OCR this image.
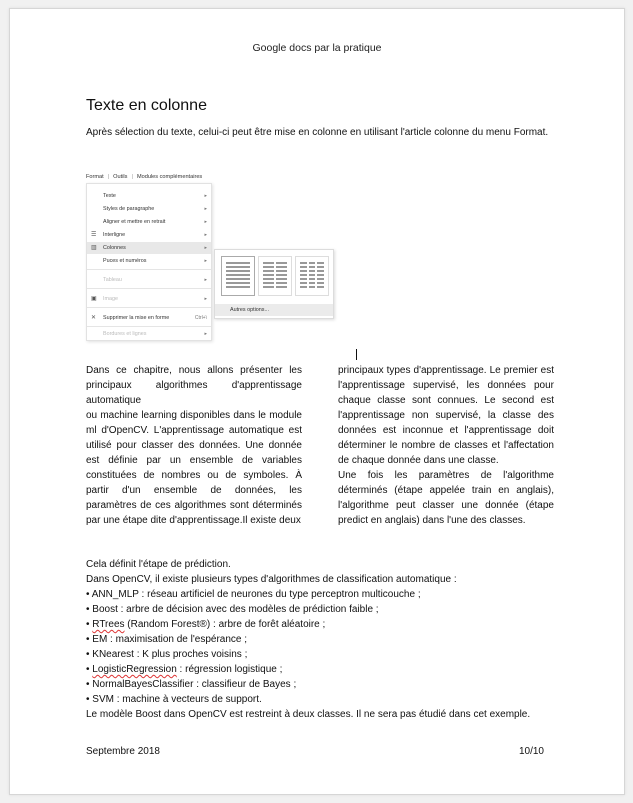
Google docs par la pratique
Texte en colonne
Après sélection du texte, celui-ci peut être mise en colonne en utilisant l'article colonne du menu Format.
Format | Outils | Modules complémentaires
Texte	▸
Styles de paragraphe	▸
Aligner et mettre en retrait	▸
☰ Interligne	▸
▥ Colonnes	▸
Puces et numéros	▸
Tableau	▸
▣ Image	▸
✕ Supprimer la mise en forme	Ctrl+\
Bordures et lignes	▸
Autres options...

Dans ce chapitre, nous allons présenter les principaux algorithmes d'apprentissage automatique

ou machine learning disponibles dans le module ml d'OpenCV. L'apprentissage automatique est utilisé pour classer des données. Une donnée est définie par un ensemble de variables constituées de nombres ou de symboles. À partir d'un ensemble de données, les paramètres de ces algorithmes sont déterminés par une étape dite d'apprentissage.Il existe deux

principaux types d'apprentissage. Le premier est l'apprentissage supervisé, les données pour chaque classe sont connues. Le second est l'apprentissage non supervisé, la classe des données est inconnue et l'apprentissage doit déterminer le nombre de classes et l'affectation de chaque donnée dans une classe.

Une fois les paramètres de l'algorithme déterminés (étape appelée train en anglais), l'algorithme peut classer une donnée (étape predict en anglais) dans l'une des classes.

Cela définit l'étape de prédiction.

Dans OpenCV, il existe plusieurs types d'algorithmes de classification automatique :

• ANN_MLP : réseau artificiel de neurones du type perceptron multicouche ;

• Boost : arbre de décision avec des modèles de prédiction faible ;

• RTrees (Random Forest®) : arbre de forêt aléatoire ;

• EM : maximisation de l'espérance ;

• KNearest : K plus proches voisins ;

• LogisticRegression : régression logistique ;

• NormalBayesClassifier : classifieur de Bayes ;

• SVM : machine à vecteurs de support.

Le modèle Boost dans OpenCV est restreint à deux classes. Il ne sera pas étudié dans cet exemple.

Septembre 2018	10/10
